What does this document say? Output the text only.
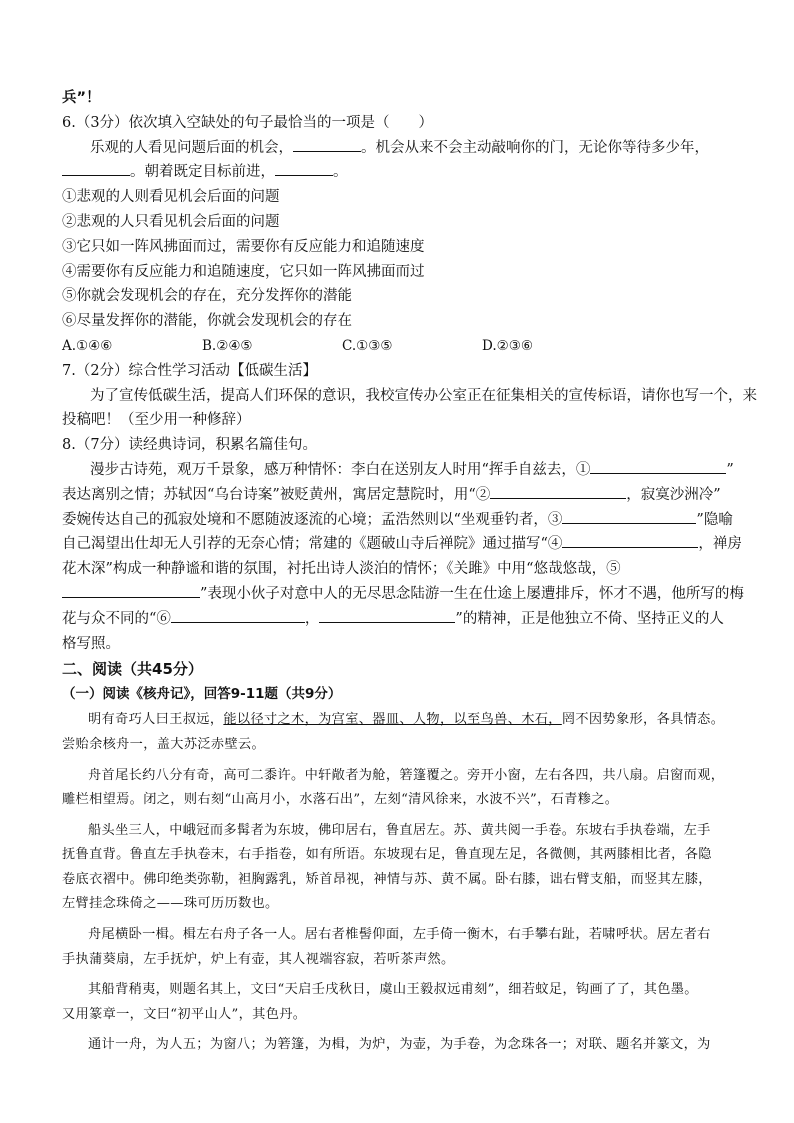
兵”！
6.（3分）依次填入空缺处的句子最恰当的一项是（　　）
乐观的人看见问题后面的机会，	。机会从来不会主动敲响你的门，无论你等待多少年，
。朝着既定目标前进，	。
①悲观的人则看见机会后面的问题
②悲观的人只看见机会后面的问题
③它只如一阵风拂面而过，需要你有反应能力和追随速度
④需要你有反应能力和追随速度，它只如一阵风拂面而过
⑤你就会发现机会的存在，充分发挥你的潜能
⑥尽量发挥你的潜能，你就会发现机会的存在
A.①④⑥	B.②④⑤	C.①③⑤	D.②③⑥
7.（2分）综合性学习活动【低碳生活】
为了宣传低碳生活，提高人们环保的意识，我校宣传办公室正在征集相关的宣传标语，请你也写一个，来
投稿吧！（至少用一种修辞）
8.（7分）读经典诗词，积累名篇佳句。
漫步古诗苑，观万千景象，感万种情怀：李白在送别友人时用“挥手自兹去，①	”
表达离别之情；苏轼因“乌台诗案”被贬黄州，寓居定慧院时，用“②	，寂寞沙洲冷”
委婉传达自己的孤寂处境和不愿随波逐流的心境；孟浩然则以“坐观垂钓者，③	”隐喻
自己渴望出仕却无人引荐的无奈心情；常建的《题破山寺后禅院》通过描写“④	，禅房
花木深”构成一种静谧和谐的氛围，衬托出诗人淡泊的情怀；《关雎》中用“悠哉悠哉，⑤
”表现小伙子对意中人的无尽思念陆游一生在仕途上屡遭排斥，怀才不遇，他所写的梅
花与众不同的“⑥	，	”的精神，正是他独立不倚、坚持正义的人
格写照。
二、阅读（共45分）
（一）阅读《核舟记》，回答9-11题（共9分）
明有奇巧人曰王叔远，能以径寸之木，为宫室、器皿、人物，以至鸟兽、木石，罔不因势象形，各具情态。
尝贻余核舟一，盖大苏泛赤壁云。
舟首尾长约八分有奇，高可二黍许。中轩敞者为舱，箬篷覆之。旁开小窗，左右各四，共八扇。启窗而观，
雕栏相望焉。闭之，则右刻“山高月小，水落石出”，左刻“清风徐来，水波不兴”，石青糁之。
船头坐三人，中峨冠而多髯者为东坡，佛印居右，鲁直居左。苏、黄共阅一手卷。东坡右手执卷端，左手
抚鲁直背。鲁直左手执卷末，右手指卷，如有所语。东坡现右足，鲁直现左足，各微侧，其两膝相比者，各隐
卷底衣褶中。佛印绝类弥勒，袒胸露乳，矫首昂视，神情与苏、黄不属。卧右膝，诎右臂支船，而竖其左膝，
左臂挂念珠倚之——珠可历历数也。
舟尾横卧一楫。楫左右舟子各一人。居右者椎髻仰面，左手倚一衡木，右手攀右趾，若啸呼状。居左者右
手执蒲葵扇，左手抚炉，炉上有壶，其人视端容寂，若听茶声然。
其船背稍夷，则题名其上，文曰“天启壬戌秋日，虞山王毅叔远甫刻”，细若蚊足，钩画了了，其色墨。
又用篆章一，文曰“初平山人”，其色丹。
通计一舟，为人五；为窗八；为箬篷，为楫，为炉，为壶，为手卷，为念珠各一；对联、题名并篆文，为
